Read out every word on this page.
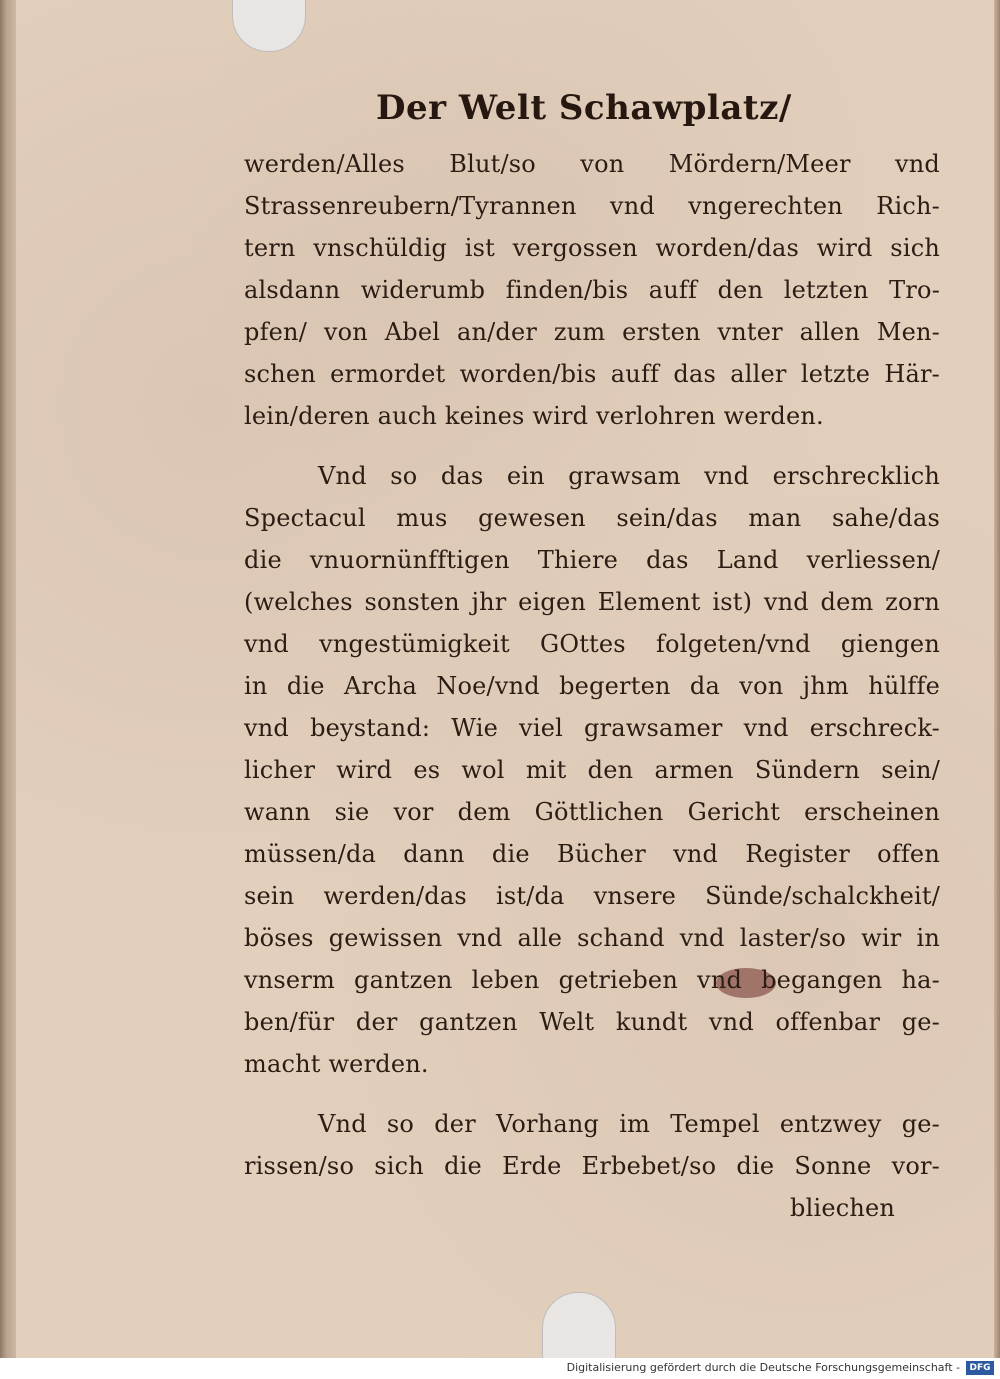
Der Welt Schawplatz/
werden/Alles Blut/so von Mördern/Meer vnd
Strassenreubern/Tyrannen vnd vngerechten Rich-
tern vnschüldig ist vergossen worden/das wird sich
alsdann widerumb finden/bis auff den letzten Tro-
pfen/ von Abel an/der zum ersten vnter allen Men-
schen ermordet worden/bis auff das aller letzte Här-
lein/deren auch keines wird verlohren werden.
Vnd so das ein grawsam vnd erschrecklich
Spectacul mus gewesen sein/das man sahe/das
die vnuornünfftigen Thiere das Land verliessen/
(welches sonsten jhr eigen Element ist) vnd dem zorn
vnd vngestümigkeit GOttes folgeten/vnd giengen
in die Archa Noe/vnd begerten da von jhm hülffe
vnd beystand: Wie viel grawsamer vnd erschreck-
licher wird es wol mit den armen Sündern sein/
wann sie vor dem Göttlichen Gericht erscheinen
müssen/da dann die Bücher vnd Register offen
sein werden/das ist/da vnsere Sünde/schalckheit/
böses gewissen vnd alle schand vnd laster/so wir in
vnserm gantzen leben getrieben vnd begangen ha-
ben/für der gantzen Welt kundt vnd offenbar ge-
macht werden.
Vnd so der Vorhang im Tempel entzwey ge-
rissen/so sich die Erde Erbebet/so die Sonne vor-
bliechen
Digitalisierung gefördert durch die Deutsche Forschungsgemeinschaft -	DFG
